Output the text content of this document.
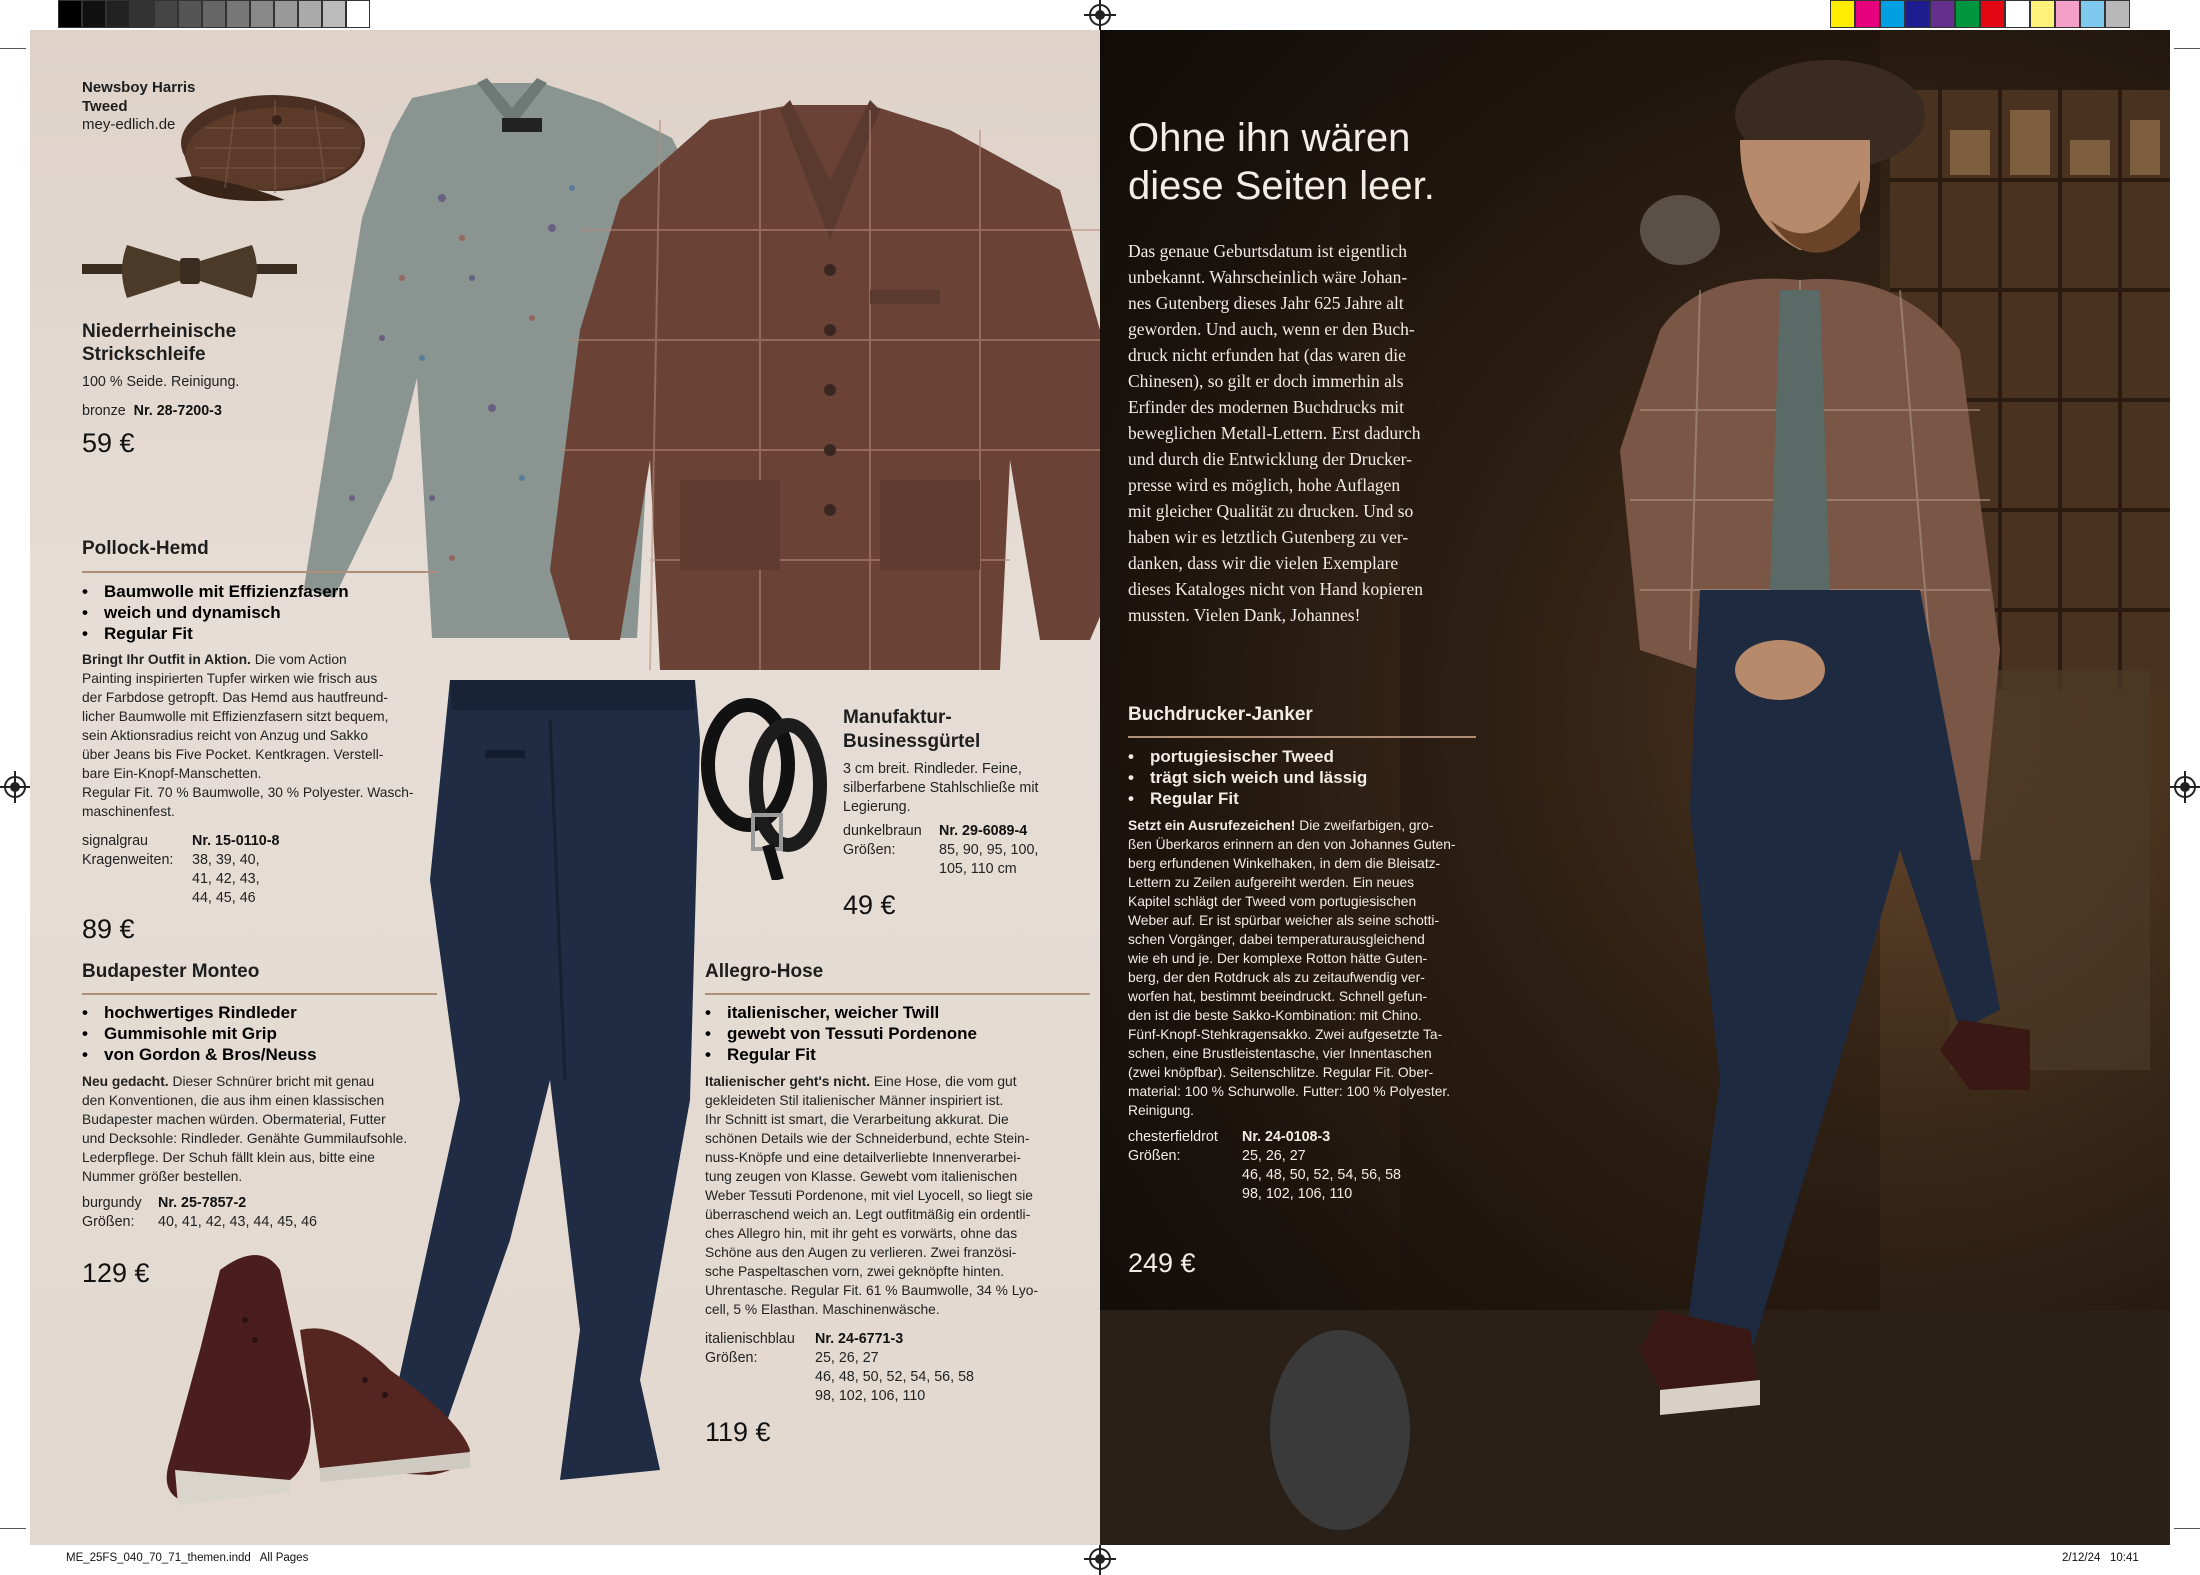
Newsboy Harris
Tweed
mey-edlich.de
Niederrheinische
Strickschleife
100 % Seide. Reinigung.
bronze Nr. 28-7200-3
59 €
Pollock-Hemd
• Baumwolle mit Effizienzfasern
• weich und dynamisch
• Regular Fit
Bringt Ihr Outfit in Aktion. Die vom Action
Painting inspirierten Tupfer wirken wie frisch aus
der Farbdose getropft. Das Hemd aus hautfreund-
licher Baumwolle mit Effizienzfasern sitzt bequem,
sein Aktionsradius reicht von Anzug und Sakko
über Jeans bis Five Pocket. Kentkragen. Verstell-
bare Ein-Knopf-Manschetten.
Regular Fit. 70 % Baumwolle, 30 % Polyester. Wasch-
maschinenfest.
signalgrau	Nr. 15-0110-8
Kragenweiten:	38, 39, 40,
41, 42, 43,
44, 45, 46
89 €
Manufaktur-
Businessgürtel
3 cm breit. Rindleder. Feine,
silberfarbene Stahlschließe mit
Legierung.
dunkelbraun Nr. 29-6089-4
Größen:	85, 90, 95, 100,
105, 110 cm
49 €
Budapester Monteo
• hochwertiges Rindleder
• Gummisohle mit Grip
• von Gordon & Bros/Neuss
Neu gedacht. Dieser Schnürer bricht mit genau
den Konventionen, die aus ihm einen klassischen
Budapester machen würden. Obermaterial, Futter
und Decksohle: Rindleder. Genähte Gummilaufsohle.
Lederpflege. Der Schuh fällt klein aus, bitte eine
Nummer größer bestellen.
burgundy Nr. 25-7857-2
Größen: 40, 41, 42, 43, 44, 45, 46
129 €
Allegro-Hose
• italienischer, weicher Twill
• gewebt von Tessuti Pordenone
• Regular Fit
Italienischer geht's nicht. Eine Hose, die vom gut
gekleideten Stil italienischer Männer inspiriert ist.
Ihr Schnitt ist smart, die Verarbeitung akkurat. Die
schönen Details wie der Schneiderbund, echte Stein-
nuss-Knöpfe und eine detailverliebte Innenverarbei-
tung zeugen von Klasse. Gewebt vom italienischen
Weber Tessuti Pordenone, mit viel Lyocell, so liegt sie
überraschend weich an. Legt outfitmäßig ein ordentli-
ches Allegro hin, mit ihr geht es vorwärts, ohne das
Schöne aus den Augen zu verlieren. Zwei französi-
sche Paspeltaschen vorn, zwei geknöpfte hinten.
Uhrentasche. Regular Fit. 61 % Baumwolle, 34 % Lyo-
cell, 5 % Elasthan. Maschinenwäsche.
italienischblau Nr. 24-6771-3
Größen:	25, 26, 27
46, 48, 50, 52, 54, 56, 58
98, 102, 106, 110
119 €
Ohne ihn wären
diese Seiten leer.
Das genaue Geburtsdatum ist eigentlich
unbekannt. Wahrscheinlich wäre Johan-
nes Gutenberg dieses Jahr 625 Jahre alt
geworden. Und auch, wenn er den Buch-
druck nicht erfunden hat (das waren die
Chinesen), so gilt er doch immerhin als
Erfinder des modernen Buchdrucks mit
beweglichen Metall-Lettern. Erst dadurch
und durch die Entwicklung der Drucker-
presse wird es möglich, hohe Auflagen
mit gleicher Qualität zu drucken. Und so
haben wir es letztlich Gutenberg zu ver-
danken, dass wir die vielen Exemplare
dieses Kataloges nicht von Hand kopieren
mussten. Vielen Dank, Johannes!
Buchdrucker-Janker
• portugiesischer Tweed
• trägt sich weich und lässig
• Regular Fit
Setzt ein Ausrufezeichen! Die zweifarbigen, gro-
ßen Überkaros erinnern an den von Johannes Guten-
berg erfundenen Winkelhaken, in dem die Bleisatz-
Lettern zu Zeilen aufgereiht werden. Ein neues
Kapitel schlägt der Tweed vom portugiesischen
Weber auf. Er ist spürbar weicher als seine schotti-
schen Vorgänger, dabei temperaturausgleichend
wie eh und je. Der komplexe Rotton hätte Guten-
berg, der den Rotdruck als zu zeitaufwendig ver-
worfen hat, bestimmt beeindruckt. Schnell gefun-
den ist die beste Sakko-Kombination: mit Chino.
Fünf-Knopf-Stehkragensakko. Zwei aufgesetzte Ta-
schen, eine Brustleistentasche, vier Innentaschen
(zwei knöpfbar). Seitenschlitze. Regular Fit. Ober-
material: 100 % Schurwolle. Futter: 100 % Polyester.
Reinigung.
chesterfieldrot Nr. 24-0108-3
Größen:	25, 26, 27
46, 48, 50, 52, 54, 56, 58
98, 102, 106, 110
249 €
ME_25FS_040_70_71_themen.indd   All Pages	2/12/24   10:41
